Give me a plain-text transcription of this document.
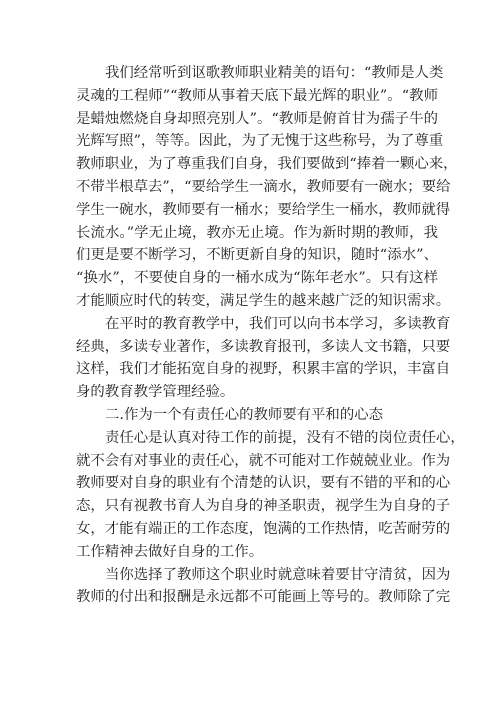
我们经常听到讴歌教师职业精美的语句：“教师是人类
灵魂的工程师”“教师从事着天底下最光辉的职业”。“教师
是蜡烛燃烧自身却照亮别人”。“教师是俯首甘为孺子牛的
光辉写照”，等等。因此，为了无愧于这些称号，为了尊重
教师职业，为了尊重我们自身，我们要做到“捧着一颗心来，
不带半根草去”，“要给学生一滴水，教师要有一碗水；要给
学生一碗水，教师要有一桶水；要给学生一桶水，教师就得
长流水。”学无止境，教亦无止境。作为新时期的教师，我
们更是要不断学习，不断更新自身的知识，随时“添水”、
“换水”，不要使自身的一桶水成为“陈年老水”。只有这样
才能顺应时代的转变，满足学生的越来越广泛的知识需求。
在平时的教育教学中，我们可以向书本学习，多读教育
经典，多读专业著作，多读教育报刊，多读人文书籍，只要
这样，我们才能拓宽自身的视野，积累丰富的学识，丰富自
身的教育教学管理经验。
二.作为一个有责任心的教师要有平和的心态
责任心是认真对待工作的前提，没有不错的岗位责任心，
就不会有对事业的责任心，就不可能对工作兢兢业业。作为
教师要对自身的职业有个清楚的认识，要有不错的平和的心
态，只有视教书育人为自身的神圣职责，视学生为自身的子
女，才能有端正的工作态度，饱满的工作热情，吃苦耐劳的
工作精神去做好自身的工作。
当你选择了教师这个职业时就意味着要甘守清贫，因为
教师的付出和报酬是永远都不可能画上等号的。教师除了完
